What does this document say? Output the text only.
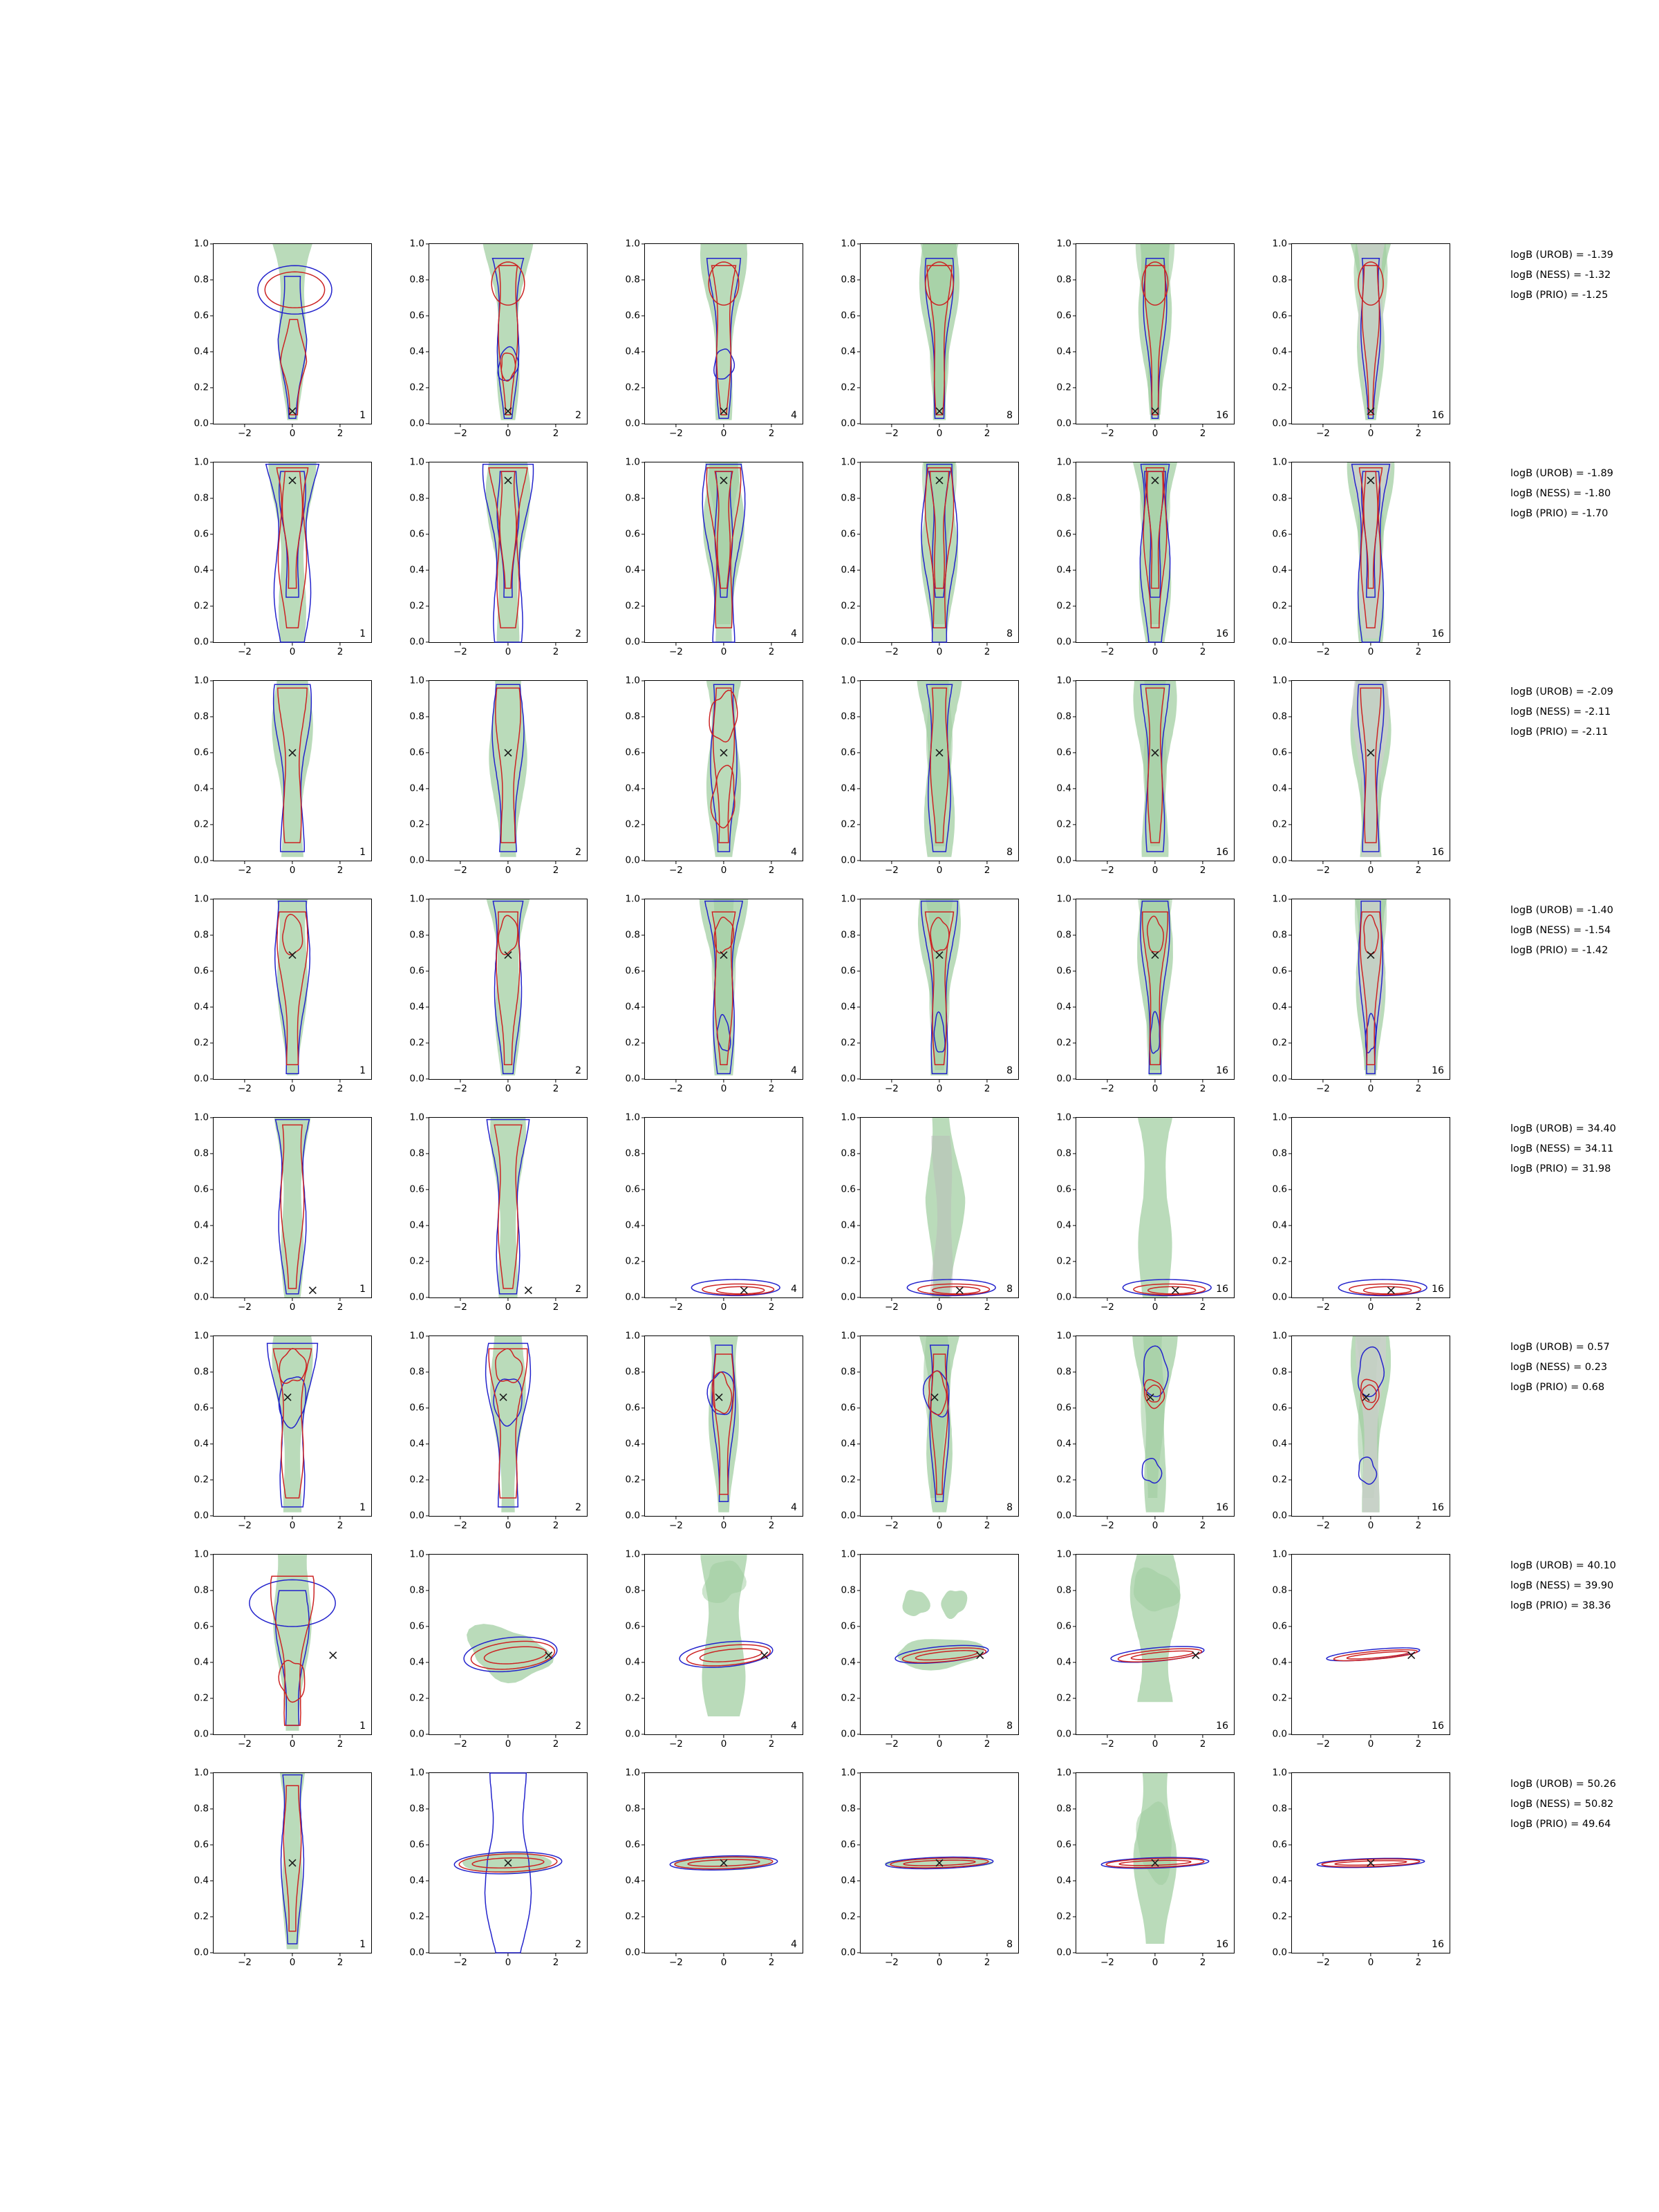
0.0
0.2
0.4
0.6
0.8
1.0
−2	0	2
1
0.0
0.2
0.4
0.6
0.8
1.0
−2	0	2
2
0.0
0.2
0.4
0.6
0.8
1.0
−2	0	2
4
0.0
0.2
0.4
0.6
0.8
1.0
−2	0	2
8
0.0
0.2
0.4
0.6
0.8
1.0
−2	0	2
16
0.0
0.2
0.4
0.6
0.8
1.0
−2	0	2
16
0.0
0.2
0.4
0.6
0.8
1.0
−2	0	2
1
0.0
0.2
0.4
0.6
0.8
1.0
−2	0	2
2
0.0
0.2
0.4
0.6
0.8
1.0
−2	0	2
4
0.0
0.2
0.4
0.6
0.8
1.0
−2	0	2
8
0.0
0.2
0.4
0.6
0.8
1.0
−2	0	2
16
0.0
0.2
0.4
0.6
0.8
1.0
−2	0	2
16
0.0
0.2
0.4
0.6
0.8
1.0
−2	0	2
1
0.0
0.2
0.4
0.6
0.8
1.0
−2	0	2
2
0.0
0.2
0.4
0.6
0.8
1.0
−2	0	2
4
0.0
0.2
0.4
0.6
0.8
1.0
−2	0	2
8
0.0
0.2
0.4
0.6
0.8
1.0
−2	0	2
16
0.0
0.2
0.4
0.6
0.8
1.0
−2	0	2
16
0.0
0.2
0.4
0.6
0.8
1.0
−2	0	2
1
0.0
0.2
0.4
0.6
0.8
1.0
−2	0	2
2
0.0
0.2
0.4
0.6
0.8
1.0
−2	0	2
4
0.0
0.2
0.4
0.6
0.8
1.0
−2	0	2
8
0.0
0.2
0.4
0.6
0.8
1.0
−2	0	2
16
0.0
0.2
0.4
0.6
0.8
1.0
−2	0	2
16
0.0
0.2
0.4
0.6
0.8
1.0
−2	0	2
1
0.0
0.2
0.4
0.6
0.8
1.0
−2	0	2
2
0.0
0.2
0.4
0.6
0.8
1.0
−2	0	2
4
0.0
0.2
0.4
0.6
0.8
1.0
−2	0	2
8
0.0
0.2
0.4
0.6
0.8
1.0
−2	0	2
16
0.0
0.2
0.4
0.6
0.8
1.0
−2	0	2
16
0.0
0.2
0.4
0.6
0.8
1.0
−2	0	2
1
0.0
0.2
0.4
0.6
0.8
1.0
−2	0	2
2
0.0
0.2
0.4
0.6
0.8
1.0
−2	0	2
4
0.0
0.2
0.4
0.6
0.8
1.0
−2	0	2
8
0.0
0.2
0.4
0.6
0.8
1.0
−2	0	2
16
0.0
0.2
0.4
0.6
0.8
1.0
−2	0	2
16
0.0
0.2
0.4
0.6
0.8
1.0
−2	0	2
1
0.0
0.2
0.4
0.6
0.8
1.0
−2	0	2
2
0.0
0.2
0.4
0.6
0.8
1.0
−2	0	2
4
0.0
0.2
0.4
0.6
0.8
1.0
−2	0	2
8
0.0
0.2
0.4
0.6
0.8
1.0
−2	0	2
16
0.0
0.2
0.4
0.6
0.8
1.0
−2	0	2
16
0.0
0.2
0.4
0.6
0.8
1.0
−2	0	2
1
0.0
0.2
0.4
0.6
0.8
1.0
−2	0	2
2
0.0
0.2
0.4
0.6
0.8
1.0
−2	0	2
4
0.0
0.2
0.4
0.6
0.8
1.0
−2	0	2
8
0.0
0.2
0.4
0.6
0.8
1.0
−2	0	2
16
0.0
0.2
0.4
0.6
0.8
1.0
−2	0	2
16
logB (UROB) = -1.39
logB (NESS) = -1.32
logB (PRIO) = -1.25
logB (UROB) = -1.89
logB (NESS) = -1.80
logB (PRIO) = -1.70
logB (UROB) = -2.09
logB (NESS) = -2.11
logB (PRIO) = -2.11
logB (UROB) = -1.40
logB (NESS) = -1.54
logB (PRIO) = -1.42
logB (UROB) = 34.40
logB (NESS) = 34.11
logB (PRIO) = 31.98
logB (UROB) = 0.57
logB (NESS) = 0.23
logB (PRIO) = 0.68
logB (UROB) = 40.10
logB (NESS) = 39.90
logB (PRIO) = 38.36
logB (UROB) = 50.26
logB (NESS) = 50.82
logB (PRIO) = 49.64
